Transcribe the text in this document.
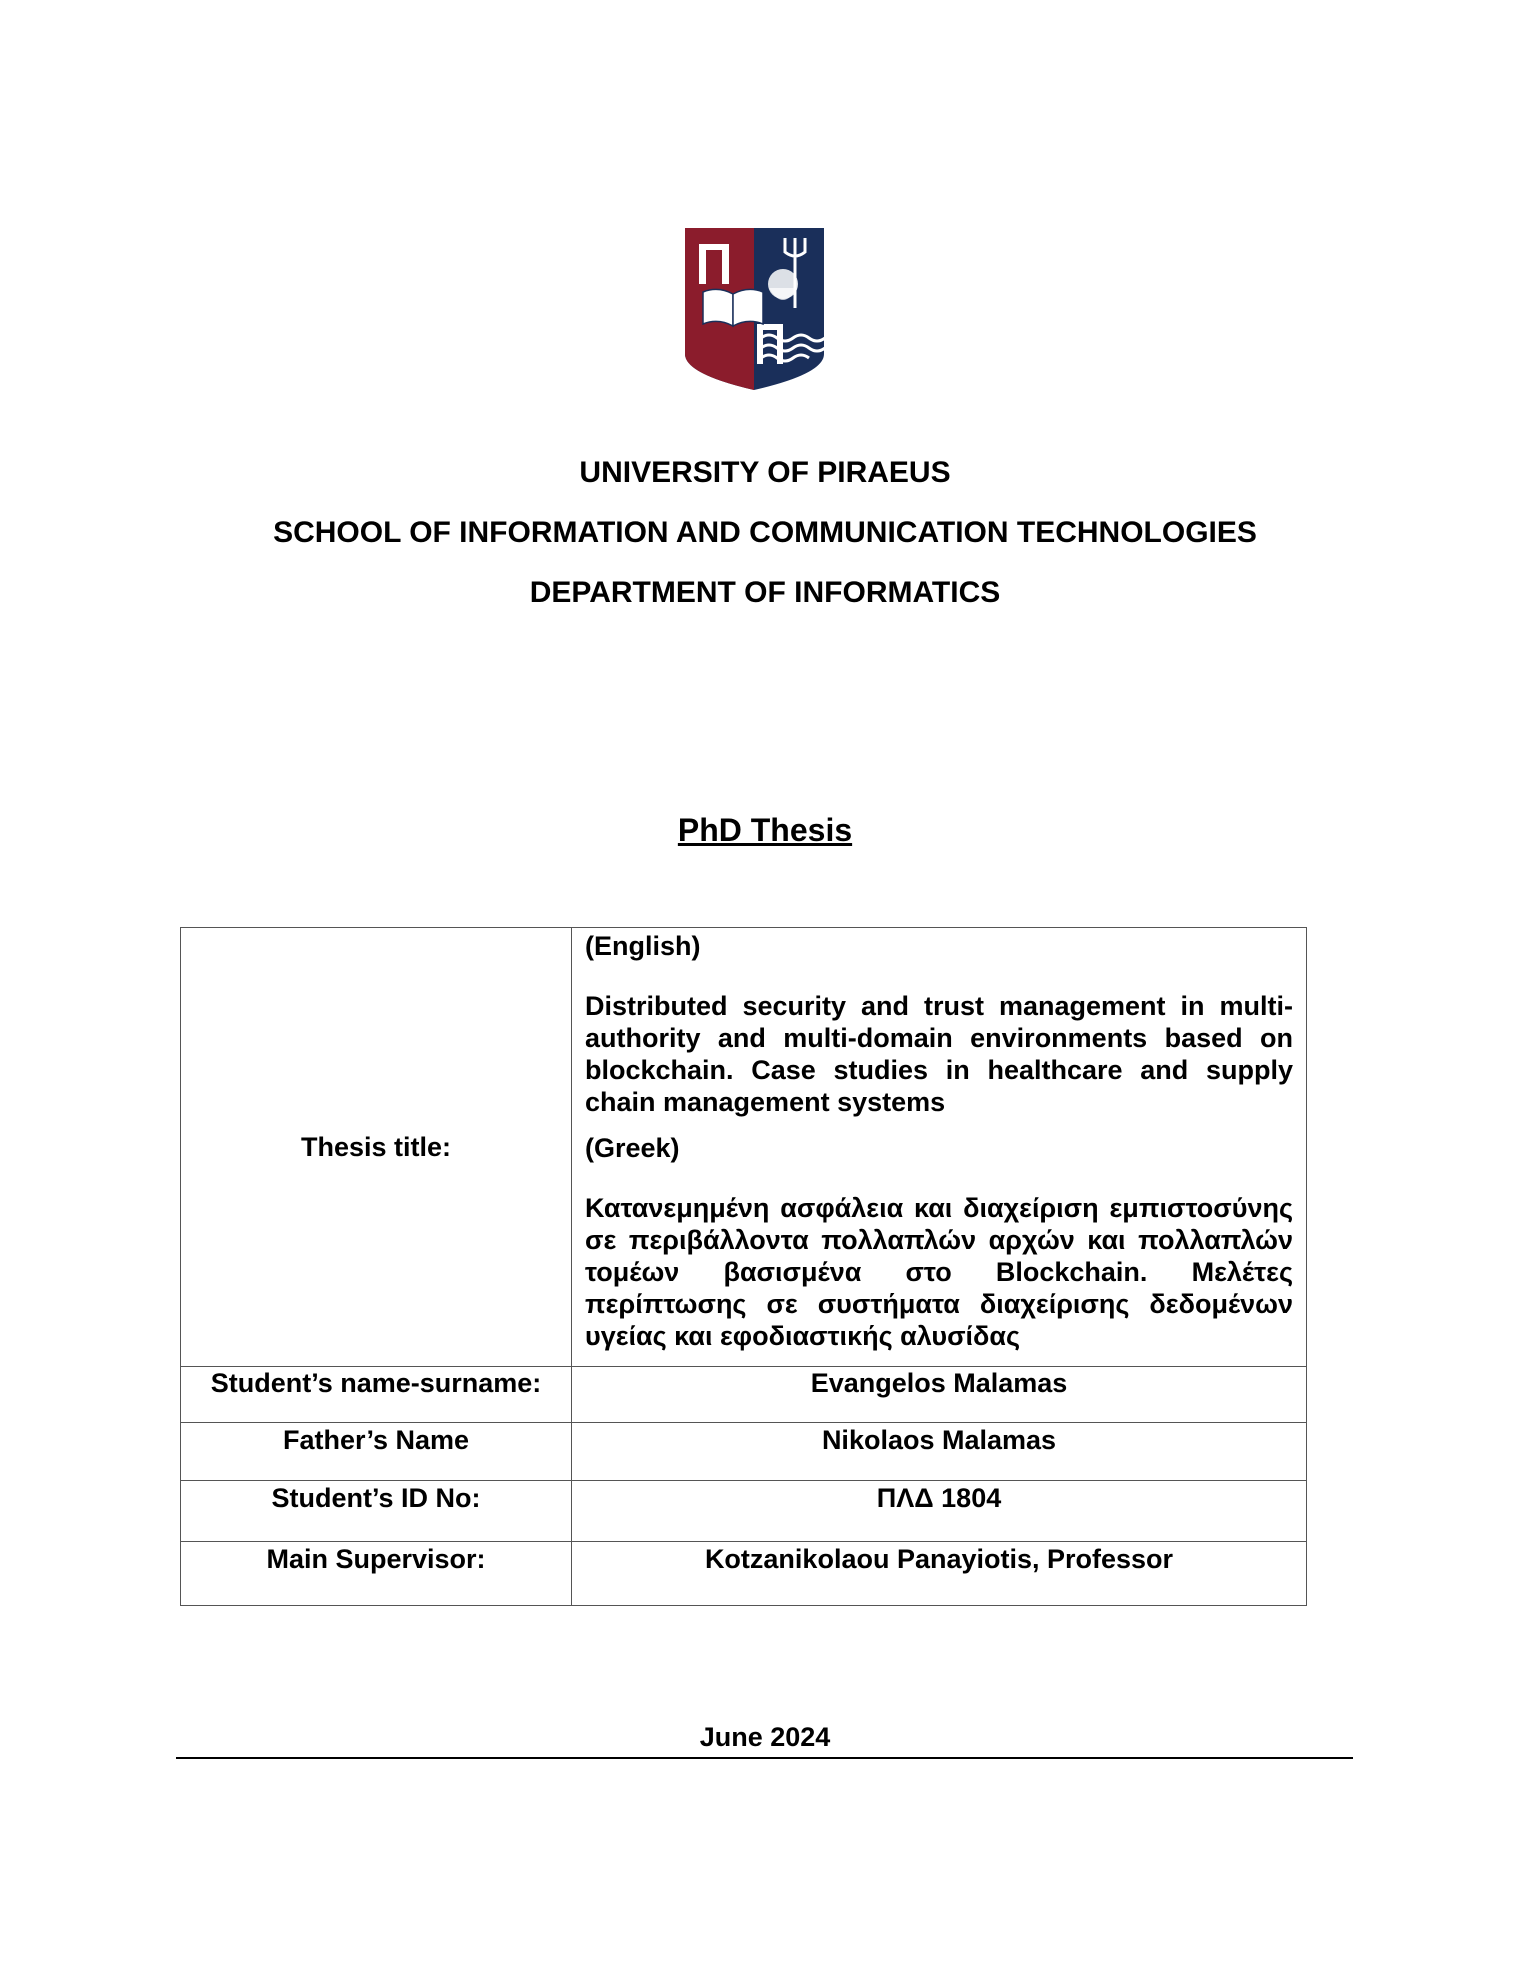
UNIVERSITY OF PIRAEUS
SCHOOL OF INFORMATION AND COMMUNICATION TECHNOLOGIES
DEPARTMENT OF INFORMATICS
PhD Thesis
Thesis title:	(English)

Distributed security and trust management in multi-authority and multi-domain environments based on blockchain. Case studies in healthcare and supply chain management systems

(Greek)

Κατανεμημένη ασφάλεια και διαχείριση εμπιστοσύνης σε περιβάλλοντα πολλαπλών αρχών και πολλαπλών τομέων βασισμένα στο Blockchain. Μελέτες περίπτωσης σε συστήματα διαχείρισης δεδομένων υγείας και εφοδιαστικής αλυσίδας

Student’s name-surname:	Evangelos Malamas
Father’s Name	Nikolaos Malamas
Student’s ID No:	ΠΛΔ 1804
Main Supervisor:	Kotzanikolaou Panayiotis, Professor
June 2024
